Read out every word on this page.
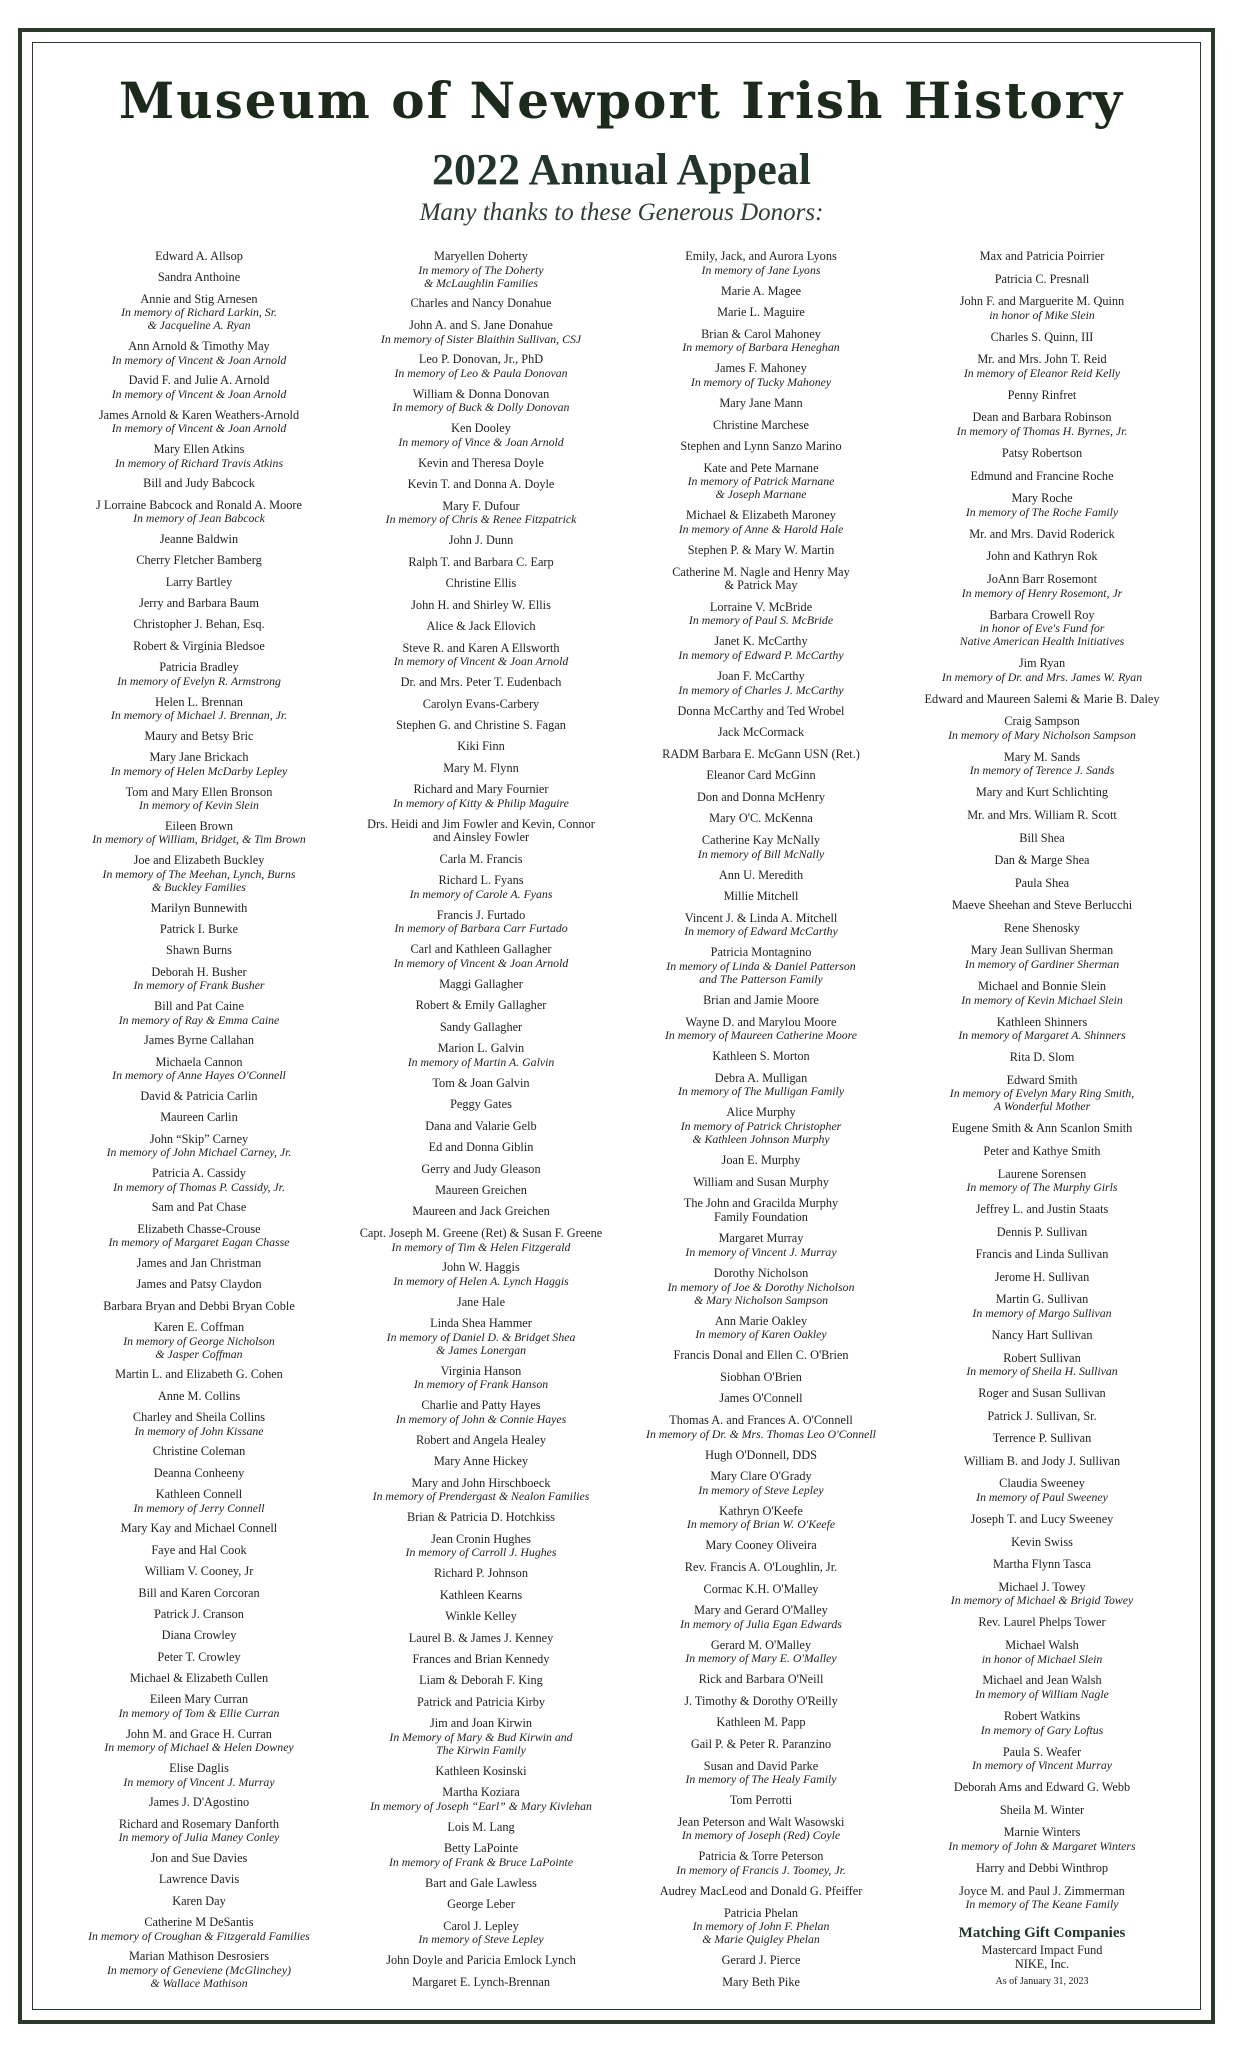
Museum of Newport Irish History
2022 Annual Appeal
Many thanks to these Generous Donors:
Edward A. Allsop
Sandra Anthoine
Annie and Stig Arnesen
In memory of Richard Larkin, Sr.
& Jacqueline A. Ryan
Ann Arnold & Timothy May
In memory of Vincent & Joan Arnold
David F. and Julie A. Arnold
In memory of Vincent & Joan Arnold
James Arnold & Karen Weathers-Arnold
In memory of Vincent & Joan Arnold
Mary Ellen Atkins
In memory of Richard Travis Atkins
Bill and Judy Babcock
J Lorraine Babcock and Ronald A. Moore
In memory of Jean Babcock
Jeanne Baldwin
Cherry Fletcher Bamberg
Larry Bartley
Jerry and Barbara Baum
Christopher J. Behan, Esq.
Robert & Virginia Bledsoe
Patricia Bradley
In memory of Evelyn R. Armstrong
Helen L. Brennan
In memory of Michael J. Brennan, Jr.
Maury and Betsy Bric
Mary Jane Brickach
In memory of Helen McDarby Lepley
Tom and Mary Ellen Bronson
In memory of Kevin Slein
Eileen Brown
In memory of William, Bridget, & Tim Brown
Joe and Elizabeth Buckley
In memory of The Meehan, Lynch, Burns
& Buckley Families
Marilyn Bunnewith
Patrick I. Burke
Shawn Burns
Deborah H. Busher
In memory of Frank Busher
Bill and Pat Caine
In memory of Ray & Emma Caine
James Byrne Callahan
Michaela Cannon
In memory of Anne Hayes O'Connell
David & Patricia Carlin
Maureen Carlin
John “Skip” Carney
In memory of John Michael Carney, Jr.
Patricia A. Cassidy
In memory of Thomas P. Cassidy, Jr.
Sam and Pat Chase
Elizabeth Chasse-Crouse
In memory of Margaret Eagan Chasse
James and Jan Christman
James and Patsy Claydon
Barbara Bryan and Debbi Bryan Coble
Karen E. Coffman
In memory of George Nicholson
& Jasper Coffman
Martin L. and Elizabeth G. Cohen
Anne M. Collins
Charley and Sheila Collins
In memory of John Kissane
Christine Coleman
Deanna Conheeny
Kathleen Connell
In memory of Jerry Connell
Mary Kay and Michael Connell
Faye and Hal Cook
William V. Cooney, Jr
Bill and Karen Corcoran
Patrick J. Cranson
Diana Crowley
Peter T. Crowley
Michael & Elizabeth Cullen
Eileen Mary Curran
In memory of Tom & Ellie Curran
John M. and Grace H. Curran
In memory of Michael & Helen Downey
Elise Daglis
In memory of Vincent J. Murray
James J. D'Agostino
Richard and Rosemary Danforth
In memory of Julia Maney Conley
Jon and Sue Davies
Lawrence Davis
Karen Day
Catherine M DeSantis
In memory of Croughan & Fitzgerald Families
Marian Mathison Desrosiers
In memory of Geneviene (McGlinchey)
& Wallace Mathison
Maryellen Doherty
In memory of The Doherty
& McLaughlin Families
Charles and Nancy Donahue
John A. and S. Jane Donahue
In memory of Sister Blaithin Sullivan, CSJ
Leo P. Donovan, Jr., PhD
In memory of Leo & Paula Donovan
William & Donna Donovan
In memory of Buck & Dolly Donovan
Ken Dooley
In memory of Vince & Joan Arnold
Kevin and Theresa Doyle
Kevin T. and Donna A. Doyle
Mary F. Dufour
In memory of Chris & Renee Fitzpatrick
John J. Dunn
Ralph T. and Barbara C. Earp
Christine Ellis
John H. and Shirley W. Ellis
Alice & Jack Ellovich
Steve R. and Karen A Ellsworth
In memory of Vincent & Joan Arnold
Dr. and Mrs. Peter T. Eudenbach
Carolyn Evans-Carbery
Stephen G. and Christine S. Fagan
Kiki Finn
Mary M. Flynn
Richard and Mary Fournier
In memory of Kitty & Philip Maguire
Drs. Heidi and Jim Fowler and Kevin, Connor
and Ainsley Fowler
Carla M. Francis
Richard L. Fyans
In memory of Carole A. Fyans
Francis J. Furtado
In memory of Barbara Carr Furtado
Carl and Kathleen Gallagher
In memory of Vincent & Joan Arnold
Maggi Gallagher
Robert & Emily Gallagher
Sandy Gallagher
Marion L. Galvin
In memory of Martin A. Galvin
Tom & Joan Galvin
Peggy Gates
Dana and Valarie Gelb
Ed and Donna Giblin
Gerry and Judy Gleason
Maureen Greichen
Maureen and Jack Greichen
Capt. Joseph M. Greene (Ret) & Susan F. Greene
In memory of Tim & Helen Fitzgerald
John W. Haggis
In memory of Helen A. Lynch Haggis
Jane Hale
Linda Shea Hammer
In memory of Daniel D. & Bridget Shea
& James Lonergan
Virginia Hanson
In memory of Frank Hanson
Charlie and Patty Hayes
In memory of John & Connie Hayes
Robert and Angela Healey
Mary Anne Hickey
Mary and John Hirschboeck
In memory of Prendergast & Nealon Families
Brian & Patricia D. Hotchkiss
Jean Cronin Hughes
In memory of Carroll J. Hughes
Richard P. Johnson
Kathleen Kearns
Winkle Kelley
Laurel B. & James J. Kenney
Frances and Brian Kennedy
Liam & Deborah F. King
Patrick and Patricia Kirby
Jim and Joan Kirwin
In Memory of Mary & Bud Kirwin and
The Kirwin Family
Kathleen Kosinski
Martha Koziara
In memory of Joseph “Earl” & Mary Kivlehan
Lois M. Lang
Betty LaPointe
In memory of Frank & Bruce LaPointe
Bart and Gale Lawless
George Leber
Carol J. Lepley
In memory of Steve Lepley
John Doyle and Paricia Emlock Lynch
Margaret E. Lynch-Brennan
Emily, Jack, and Aurora Lyons
In memory of Jane Lyons
Marie A. Magee
Marie L. Maguire
Brian & Carol Mahoney
In memory of Barbara Heneghan
James F. Mahoney
In memory of Tucky Mahoney
Mary Jane Mann
Christine Marchese
Stephen and Lynn Sanzo Marino
Kate and Pete Marnane
In memory of Patrick Marnane
& Joseph Marnane
Michael & Elizabeth Maroney
In memory of Anne & Harold Hale
Stephen P. & Mary W. Martin
Catherine M. Nagle and Henry May
& Patrick May
Lorraine V. McBride
In memory of Paul S. McBride
Janet K. McCarthy
In memory of Edward P. McCarthy
Joan F. McCarthy
In memory of Charles J. McCarthy
Donna McCarthy and Ted Wrobel
Jack McCormack
RADM Barbara E. McGann USN (Ret.)
Eleanor Card McGinn
Don and Donna McHenry
Mary O'C. McKenna
Catherine Kay McNally
In memory of Bill McNally
Ann U. Meredith
Millie Mitchell
Vincent J. & Linda A. Mitchell
In memory of Edward McCarthy
Patricia Montagnino
In memory of Linda & Daniel Patterson
and The Patterson Family
Brian and Jamie Moore
Wayne D. and Marylou Moore
In memory of Maureen Catherine Moore
Kathleen S. Morton
Debra A. Mulligan
In memory of The Mulligan Family
Alice Murphy
In memory of Patrick Christopher
& Kathleen Johnson Murphy
Joan E. Murphy
William and Susan Murphy
The John and Gracilda Murphy
Family Foundation
Margaret Murray
In memory of Vincent J. Murray
Dorothy Nicholson
In memory of Joe & Dorothy Nicholson
& Mary Nicholson Sampson
Ann Marie Oakley
In memory of Karen Oakley
Francis Donal and Ellen C. O'Brien
Siobhan O'Brien
James O'Connell
Thomas A. and Frances A. O'Connell
In memory of Dr. & Mrs. Thomas Leo O'Connell
Hugh O'Donnell, DDS
Mary Clare O'Grady
In memory of Steve Lepley
Kathryn O'Keefe
In memory of Brian W. O'Keefe
Mary Cooney Oliveira
Rev. Francis A. O'Loughlin, Jr.
Cormac K.H. O'Malley
Mary and Gerard O'Malley
In memory of Julia Egan Edwards
Gerard M. O'Malley
In memory of Mary E. O'Malley
Rick and Barbara O'Neill
J. Timothy & Dorothy O'Reilly
Kathleen M. Papp
Gail P. & Peter R. Paranzino
Susan and David Parke
In memory of The Healy Family
Tom Perrotti
Jean Peterson and Walt Wasowski
In memory of Joseph (Red) Coyle
Patricia & Torre Peterson
In memory of Francis J. Toomey, Jr.
Audrey MacLeod and Donald G. Pfeiffer
Patricia Phelan
In memory of John F. Phelan
& Marie Quigley Phelan
Gerard J. Pierce
Mary Beth Pike
Max and Patricia Poirrier
Patricia C. Presnall
John F. and Marguerite M. Quinn
in honor of Mike Slein
Charles S. Quinn, III
Mr. and Mrs. John T. Reid
In memory of Eleanor Reid Kelly
Penny Rinfret
Dean and Barbara Robinson
In memory of Thomas H. Byrnes, Jr.
Patsy Robertson
Edmund and Francine Roche
Mary Roche
In memory of The Roche Family
Mr. and Mrs. David Roderick
John and Kathryn Rok
JoAnn Barr Rosemont
In memory of Henry Rosemont, Jr
Barbara Crowell Roy
in honor of Eve's Fund for
Native American Health Initiatives
Jim Ryan
In memory of Dr. and Mrs. James W. Ryan
Edward and Maureen Salemi & Marie B. Daley
Craig Sampson
In memory of Mary Nicholson Sampson
Mary M. Sands
In memory of Terence J. Sands
Mary and Kurt Schlichting
Mr. and Mrs. William R. Scott
Bill Shea
Dan & Marge Shea
Paula Shea
Maeve Sheehan and Steve Berlucchi
Rene Shenosky
Mary Jean Sullivan Sherman
In memory of Gardiner Sherman
Michael and Bonnie Slein
In memory of Kevin Michael Slein
Kathleen Shinners
In memory of Margaret A. Shinners
Rita D. Slom
Edward Smith
In memory of Evelyn Mary Ring Smith,
A Wonderful Mother
Eugene Smith & Ann Scanlon Smith
Peter and Kathye Smith
Laurene Sorensen
In memory of The Murphy Girls
Jeffrey L. and Justin Staats
Dennis P. Sullivan
Francis and Linda Sullivan
Jerome H. Sullivan
Martin G. Sullivan
In memory of Margo Sullivan
Nancy Hart Sullivan
Robert Sullivan
In memory of Sheila H. Sullivan
Roger and Susan Sullivan
Patrick J. Sullivan, Sr.
Terrence P. Sullivan
William B. and Jody J. Sullivan
Claudia Sweeney
In memory of Paul Sweeney
Joseph T. and Lucy Sweeney
Kevin Swiss
Martha Flynn Tasca
Michael J. Towey
In memory of Michael & Brigid Towey
Rev. Laurel Phelps Tower
Michael Walsh
in honor of Michael Slein
Michael and Jean Walsh
In memory of William Nagle
Robert Watkins
In memory of Gary Loftus
Paula S. Weafer
In memory of Vincent Murray
Deborah Ams and Edward G. Webb
Sheila M. Winter
Marnie Winters
In memory of John & Margaret Winters
Harry and Debbi Winthrop
Joyce M. and Paul J. Zimmerman
In memory of The Keane Family
Matching Gift Companies
Mastercard Impact Fund
NIKE, Inc.
As of January 31, 2023
